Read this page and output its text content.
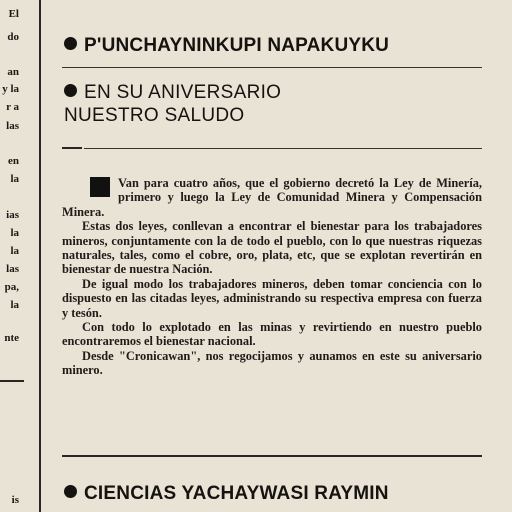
El
do
an
y la
r a
las
en
la
ias
la
la
las
pa,
la
nte
is
P'UNCHAYNINKUPI NAPAKUYKU
EN SU ANIVERSARIO
NUESTRO SALUDO

Van para cuatro años, que el gobierno decretó la Ley de Minería, primero y luego la Ley de Comunidad Minera y Compensación Minera.

Estas dos leyes, conllevan a encontrar el bienestar para los trabajadores mineros, conjuntamente con la de todo el pueblo, con lo que nuestras riquezas naturales, tales, como el cobre, oro, plata, etc, que se explotan revertirán en bienestar de nuestra Nación.

De igual modo los trabajadores mineros, deben tomar conciencia con lo dispuesto en las citadas leyes, administrando su respectiva empresa con fuerza y tesón.

Con todo lo explotado en las minas y revirtiendo en nuestro pueblo encontraremos el bienestar nacional.

Desde "Cronicawan", nos regocijamos y aunamos en este su aniversario minero.

CIENCIAS YACHAYWASI RAYMIN
